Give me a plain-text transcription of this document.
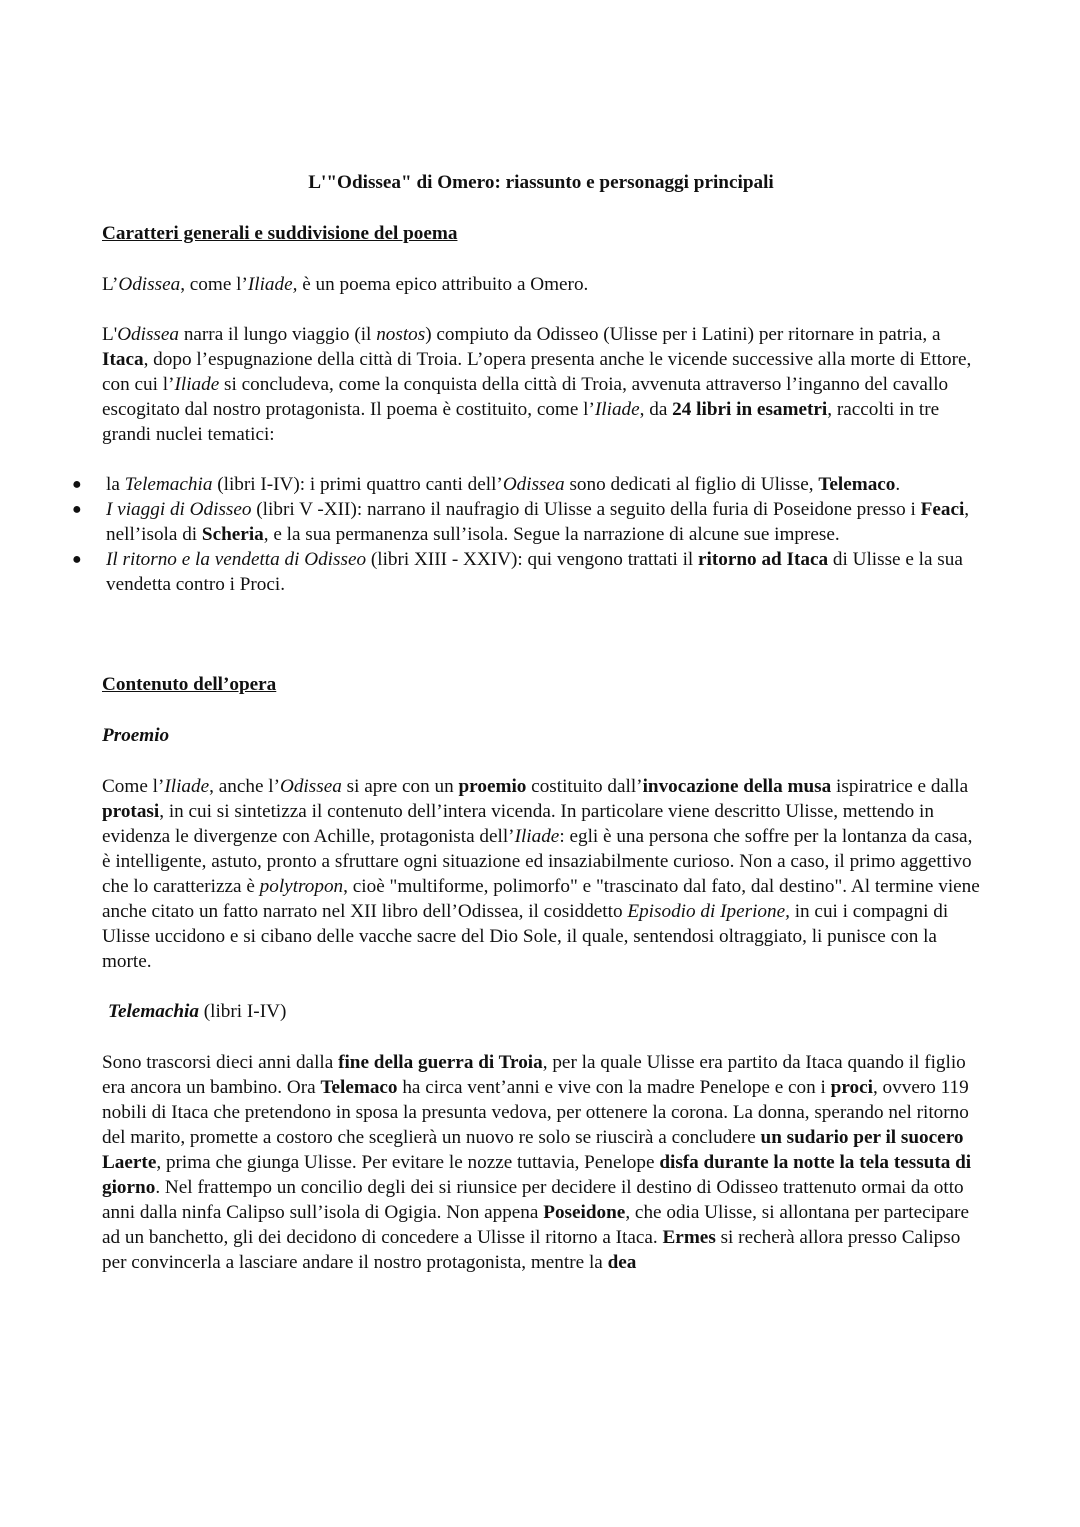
L'"Odissea" di Omero: riassunto e personaggi principali
Caratteri generali e suddivisione del poema

L’Odissea, come l’Iliade, è un poema epico attribuito a Omero.

L'Odissea narra il lungo viaggio (il nostos) compiuto da Odisseo (Ulisse per i Latini) per ritornare in patria, a Itaca, dopo l’espugnazione della città di Troia. L’opera presenta anche le vicende successive alla morte di Ettore, con cui l’Iliade si concludeva, come la conquista della città di Troia, avvenuta attraverso l’inganno del cavallo escogitato dal nostro protagonista. Il poema è costituito, come l’Iliade, da 24 libri in esametri, raccolti in tre grandi nuclei tematici:

● la Telemachia (libri I-IV): i primi quattro canti dell’Odissea sono dedicati al figlio di Ulisse, Telemaco.
● I viaggi di Odisseo (libri V -XII): narrano il naufragio di Ulisse a seguito della furia di Poseidone presso i Feaci, nell’isola di Scheria, e la sua permanenza sull’isola. Segue la narrazione di alcune sue imprese.
● Il ritorno e la vendetta di Odisseo (libri XIII - XXIV): qui vengono trattati il ritorno ad Itaca di Ulisse e la sua vendetta contro i Proci.
Contenuto dell’opera
Proemio

Come l’Iliade, anche l’Odissea si apre con un proemio costituito dall’invocazione della musa ispiratrice e dalla protasi, in cui si sintetizza il contenuto dell’intera vicenda. In particolare viene descritto Ulisse, mettendo in evidenza le divergenze con Achille, protagonista dell’Iliade: egli è una persona che soffre per la lontanza da casa, è intelligente, astuto, pronto a sfruttare ogni situazione ed insaziabilmente curioso. Non a caso, il primo aggettivo che lo caratterizza è polytropon, cioè "multiforme, polimorfo" e "trascinato dal fato, dal destino". Al termine viene anche citato un fatto narrato nel XII libro dell’Odissea, il cosiddetto Episodio di Iperione, in cui i compagni di Ulisse uccidono e si cibano delle vacche sacre del Dio Sole, il quale, sentendosi oltraggiato, li punisce con la morte.

Telemachia (libri I-IV)

Sono trascorsi dieci anni dalla fine della guerra di Troia, per la quale Ulisse era partito da Itaca quando il figlio era ancora un bambino. Ora Telemaco ha circa vent’anni e vive con la madre Penelope e con i proci, ovvero 119 nobili di Itaca che pretendono in sposa la presunta vedova, per ottenere la corona. La donna, sperando nel ritorno del marito, promette a costoro che sceglierà un nuovo re solo se riuscirà a concludere un sudario per il suocero Laerte, prima che giunga Ulisse. Per evitare le nozze tuttavia, Penelope disfa durante la notte la tela tessuta di giorno. Nel frattempo un concilio degli dei si riunsice per decidere il destino di Odisseo trattenuto ormai da otto anni dalla ninfa Calipso sull’isola di Ogigia. Non appena Poseidone, che odia Ulisse, si allontana per partecipare ad un banchetto, gli dei decidono di concedere a Ulisse il ritorno a Itaca. Ermes si recherà allora presso Calipso per convincerla a lasciare andare il nostro protagonista, mentre la dea
